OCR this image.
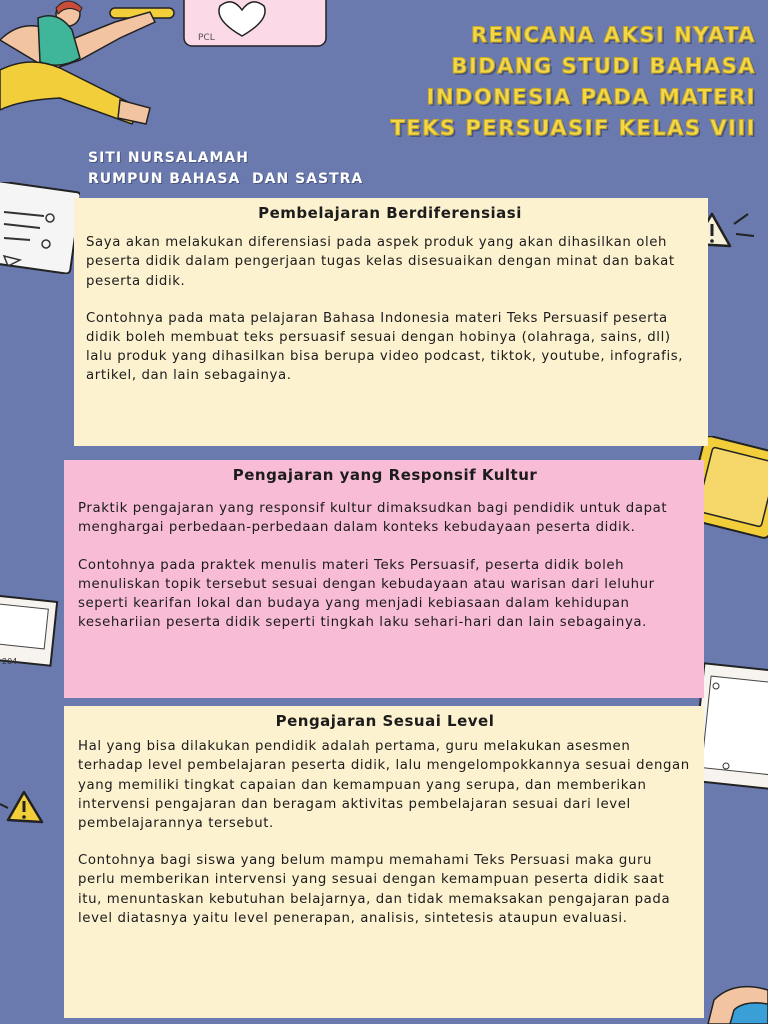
PCL
204
RENCANA AKSI NYATA
BIDANG STUDI BAHASA
INDONESIA PADA MATERI
TEKS PERSUASIF KELAS VIII
SITI NURSALAMAH
RUMPUN BAHASA  DAN SASTRA
Pembelajaran Berdiferensiasi

Saya akan melakukan diferensiasi pada aspek produk yang akan dihasilkan oleh peserta didik dalam pengerjaan tugas kelas disesuaikan dengan minat dan bakat peserta didik.

Contohnya pada mata pelajaran Bahasa Indonesia materi Teks Persuasif peserta didik boleh membuat teks persuasif sesuai dengan hobinya (olahraga, sains, dll) lalu produk yang dihasilkan bisa berupa video podcast, tiktok, youtube, infografis, artikel, dan lain sebagainya.

Pengajaran yang Responsif Kultur

Praktik pengajaran yang responsif kultur dimaksudkan bagi pendidik untuk dapat menghargai perbedaan-perbedaan dalam konteks kebudayaan peserta didik.

Contohnya pada praktek menulis materi Teks Persuasif, peserta didik boleh menuliskan topik tersebut sesuai dengan kebudayaan atau warisan dari leluhur seperti kearifan lokal dan budaya yang menjadi kebiasaan dalam kehidupan kesehariian peserta didik seperti tingkah laku sehari-hari dan lain sebagainya.

Pengajaran Sesuai Level

Hal yang bisa dilakukan pendidik adalah pertama, guru melakukan asesmen terhadap level pembelajaran peserta didik, lalu mengelompokkannya sesuai dengan yang memiliki tingkat capaian dan kemampuan yang serupa, dan memberikan intervensi pengajaran dan beragam aktivitas pembelajaran sesuai dari level pembelajarannya tersebut.

Contohnya bagi siswa yang belum mampu memahami Teks Persuasi maka guru perlu memberikan intervensi yang sesuai dengan kemampuan peserta didik saat itu, menuntaskan kebutuhan belajarnya, dan tidak memaksakan pengajaran pada level diatasnya yaitu level penerapan, analisis, sintetesis ataupun evaluasi.
